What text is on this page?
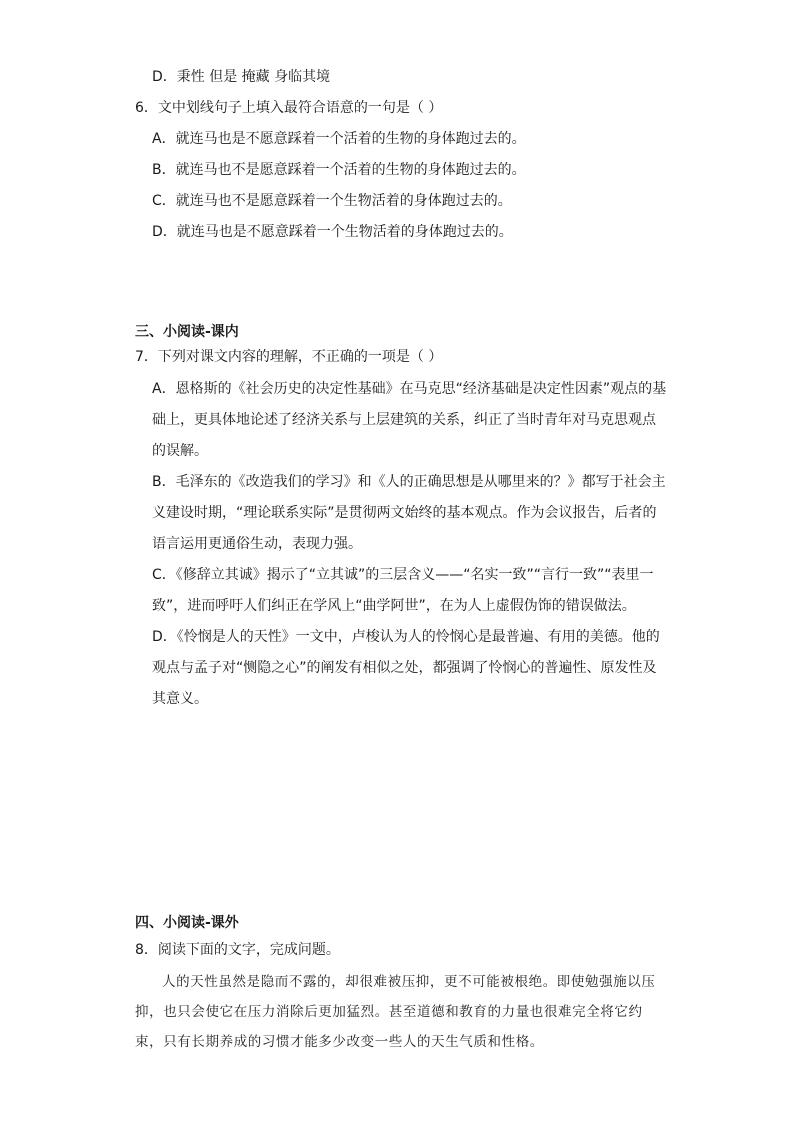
D．秉性 但是 掩藏 身临其境
6．文中划线句子上填入最符合语意的一句是（ ）
A．就连马也是不愿意踩着一个活着的生物的身体跑过去的。
B．就连马也不是愿意踩着一个活着的生物的身体跑过去的。
C．就连马也不是愿意踩着一个生物活着的身体跑过去的。
D．就连马也是不愿意踩着一个生物活着的身体跑过去的。
三、小阅读-课内
7．下列对课文内容的理解，不正确的一项是（ ）
A．恩格斯的《社会历史的决定性基础》在马克思“经济基础是决定性因素”观点的基
础上，更具体地论述了经济关系与上层建筑的关系，纠正了当时青年对马克思观点
的误解。
B．毛泽东的《改造我们的学习》和《人的正确思想是从哪里来的？》都写于社会主
义建设时期，“理论联系实际”是贯彻两文始终的基本观点。作为会议报告，后者的
语言运用更通俗生动，表现力强。
C．《修辞立其诚》揭示了“立其诚”的三层含义——“名实一致”“言行一致”“表里一
致”，进而呼吁人们纠正在学风上“曲学阿世”，在为人上虚假伪饰的错误做法。
D．《怜悯是人的天性》一文中，卢梭认为人的怜悯心是最普遍、有用的美德。他的
观点与孟子对“恻隐之心”的阐发有相似之处，都强调了怜悯心的普遍性、原发性及
其意义。
四、小阅读-课外
8．阅读下面的文字，完成问题。
人的天性虽然是隐而不露的，却很难被压抑，更不可能被根绝。即使勉强施以压抑，也只会使它在压力消除后更加猛烈。甚至道德和教育的力量也很难完全将它约束，只有长期养成的习惯才能多少改变一些人的天生气质和性格。
